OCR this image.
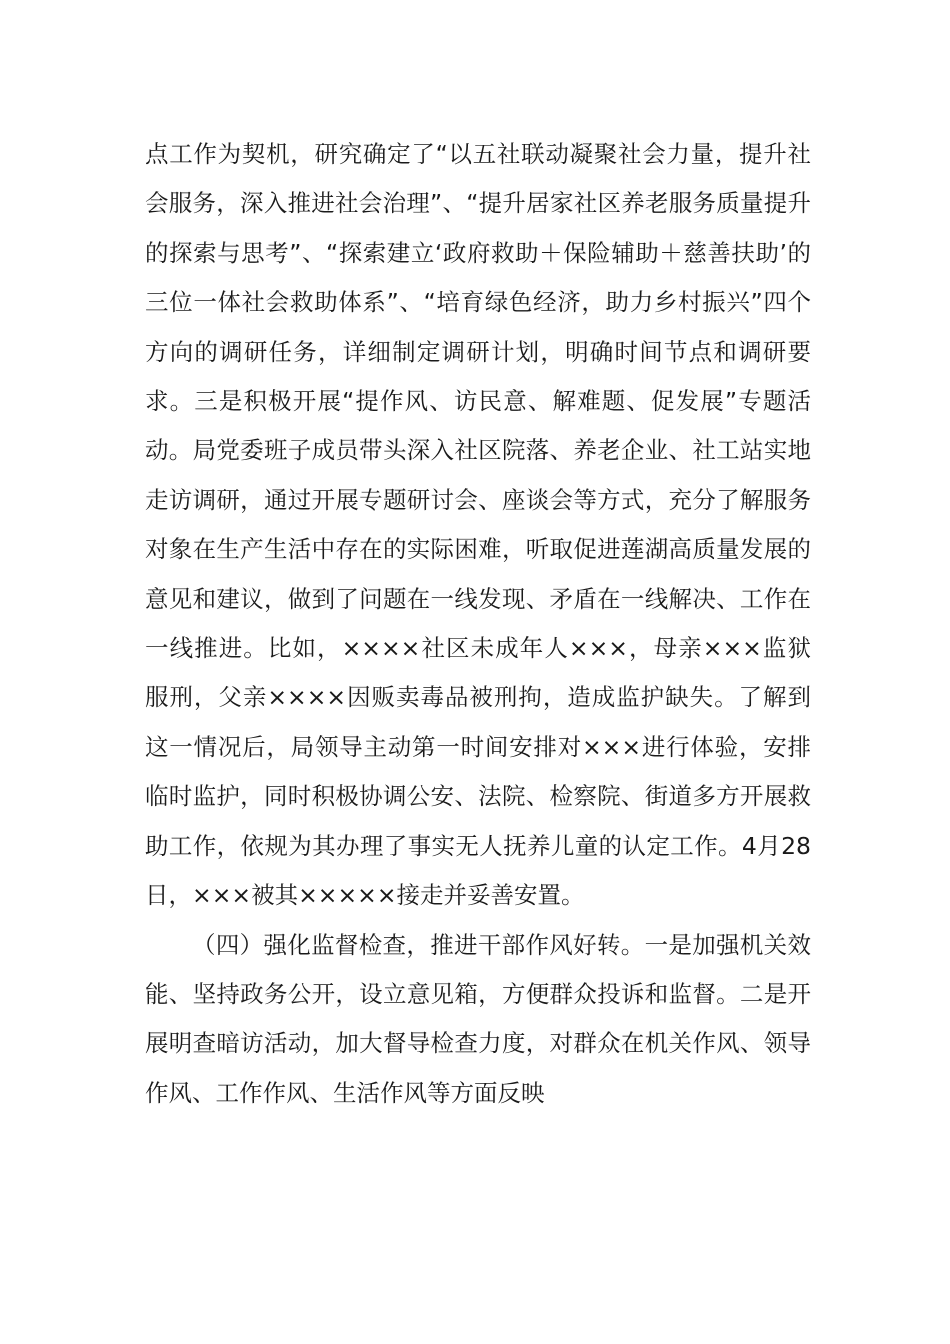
点工作为契机，研究确定了“以五社联动凝聚社会力量，提升社会服务，深入推进社会治理”、“提升居家社区养老服务质量提升的探索与思考”、“探索建立‘政府救助＋保险辅助＋慈善扶助’的三位一体社会救助体系”、“培育绿色经济，助力乡村振兴”四个方向的调研任务，详细制定调研计划，明确时间节点和调研要求。三是积极开展“提作风、访民意、解难题、促发展”专题活动。局党委班子成员带头深入社区院落、养老企业、社工站实地走访调研，通过开展专题研讨会、座谈会等方式，充分了解服务对象在生产生活中存在的实际困难，听取促进莲湖高质量发展的意见和建议，做到了问题在一线发现、矛盾在一线解决、工作在一线推进。比如，××××社区未成年人×××，母亲×××监狱服刑，父亲××××因贩卖毒品被刑拘，造成监护缺失。了解到这一情况后，局领导主动第一时间安排对×××进行体验，安排临时监护，同时积极协调公安、法院、检察院、街道多方开展救助工作，依规为其办理了事实无人抚养儿童的认定工作。4月28日，×××被其×××××接走并妥善安置。

（四）强化监督检查，推进干部作风好转。一是加强机关效能、坚持政务公开，设立意见箱，方便群众投诉和监督。二是开展明查暗访活动，加大督导检查力度，对群众在机关作风、领导作风、工作作风、生活作风等方面反映
